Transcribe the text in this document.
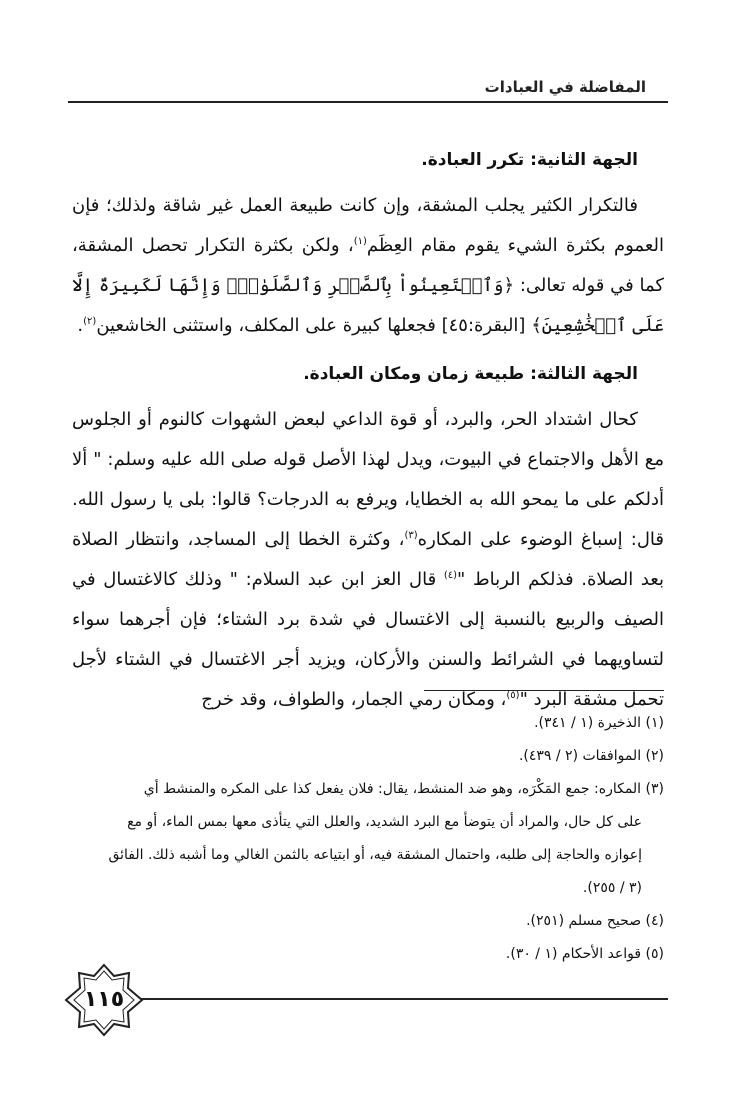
المفاضلة في العبادات
الجهة الثانية: تكرر العبادة.

فالتكرار الكثير يجلب المشقة، وإن كانت طبيعة العمل غير شاقة ولذلك؛ فإن العموم بكثرة الشيء يقوم مقام العِظَم$^{(١)}$، ولكن بكثرة التكرار تحصل المشقة، كما في قوله تعالى: ﴿وَٱسۡتَعِينُواْ بِٱلصَّبۡرِ وَٱلصَّلَوٰةِۚ وَإِنَّهَا لَكَبِيرَةٌ إِلَّا عَلَى ٱلۡخَٰشِعِينَ﴾ [البقرة:٤٥] فجعلها كبيرة على المكلف، واستثنى الخاشعين$^{(٢)}$.

الجهة الثالثة: طبيعة زمان ومكان العبادة.

كحال اشتداد الحر، والبرد، أو قوة الداعي لبعض الشهوات كالنوم أو الجلوس مع الأهل والاجتماع في البيوت، ويدل لهذا الأصل قوله صلى الله عليه وسلم: " ألا أدلكم على ما يمحو الله به الخطايا، ويرفع به الدرجات؟ قالوا: بلى يا رسول الله. قال: إسباغ الوضوء على المكاره$^{(٣)}$، وكثرة الخطا إلى المساجد، وانتظار الصلاة بعد الصلاة. فذلكم الرباط "$^{(٤)}$ قال العز ابن عبد السلام: " وذلك كالاغتسال في الصيف والربيع بالنسبة إلى الاغتسال في شدة برد الشتاء؛ فإن أجرهما سواء لتساويهما في الشرائط والسنن والأركان، ويزيد أجر الاغتسال في الشتاء لأجل تحمل مشقة البرد "$^{(٥)}$، ومكان رمي الجمار، والطواف، وقد خرج

(١) الذخيرة (١ / ٣٤١).

(٢) الموافقات (٢ / ٤٣٩).

(٣) المكاره: جمع المَكْرَه، وهو ضد المنشط، يقال: فلان يفعل كذا على المكره والمنشط أي

على كل حال، والمراد أن يتوضأ مع البرد الشديد، والعلل التي يتأذى معها بمس الماء، أو مع

إعوازه والحاجة إلى طلبه، واحتمال المشقة فيه، أو ابتياعه بالثمن الغالي وما أشبه ذلك. الفائق

(٣ / ٢٥٥).

(٤) صحيح مسلم (٢٥١).

(٥) قواعد الأحكام (١ / ٣٠).

١١٥
